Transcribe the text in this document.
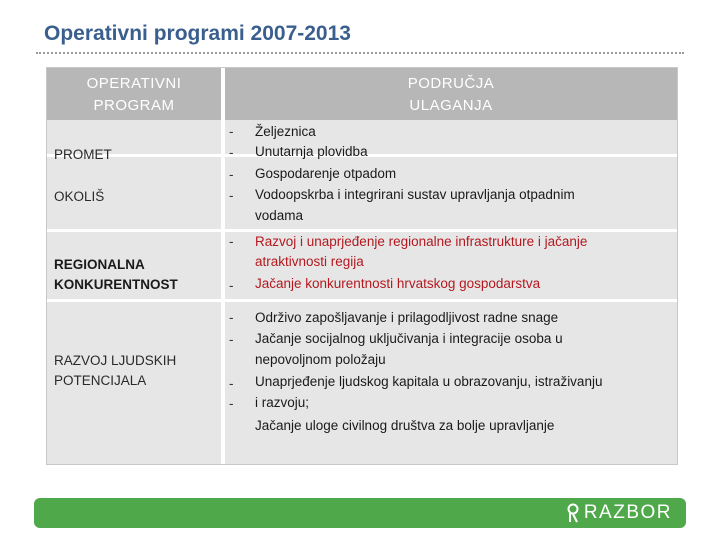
Operativni programi 2007-2013
OPERATIVNI
PROGRAM
PODRUČJA
ULAGANJA
PROMET
OKOLIŠ
REGIONALNA
KONKURENTNOST
RAZVOJ LJUDSKIH
POTENCIJALA
-
-
-
-
-
-
-
-
-
-
Željeznica
Unutarnja plovidba
Gospodarenje otpadom
Vodoopskrba i integrirani sustav upravljanja otpadnim
vodama
Razvoj i unaprjeđenje regionalne infrastrukture i jačanje
atraktivnosti regija
Jačanje konkurentnosti hrvatskog gospodarstva
Održivo zapošljavanje i prilagodljivost radne snage
Jačanje socijalnog uključivanja i integracije osoba u
nepovoljnom položaju
Unaprjeđenje ljudskog kapitala u obrazovanju, istraživanju
i razvoju;
Jačanje uloge civilnog društva za bolje upravljanje
RAZBOR
